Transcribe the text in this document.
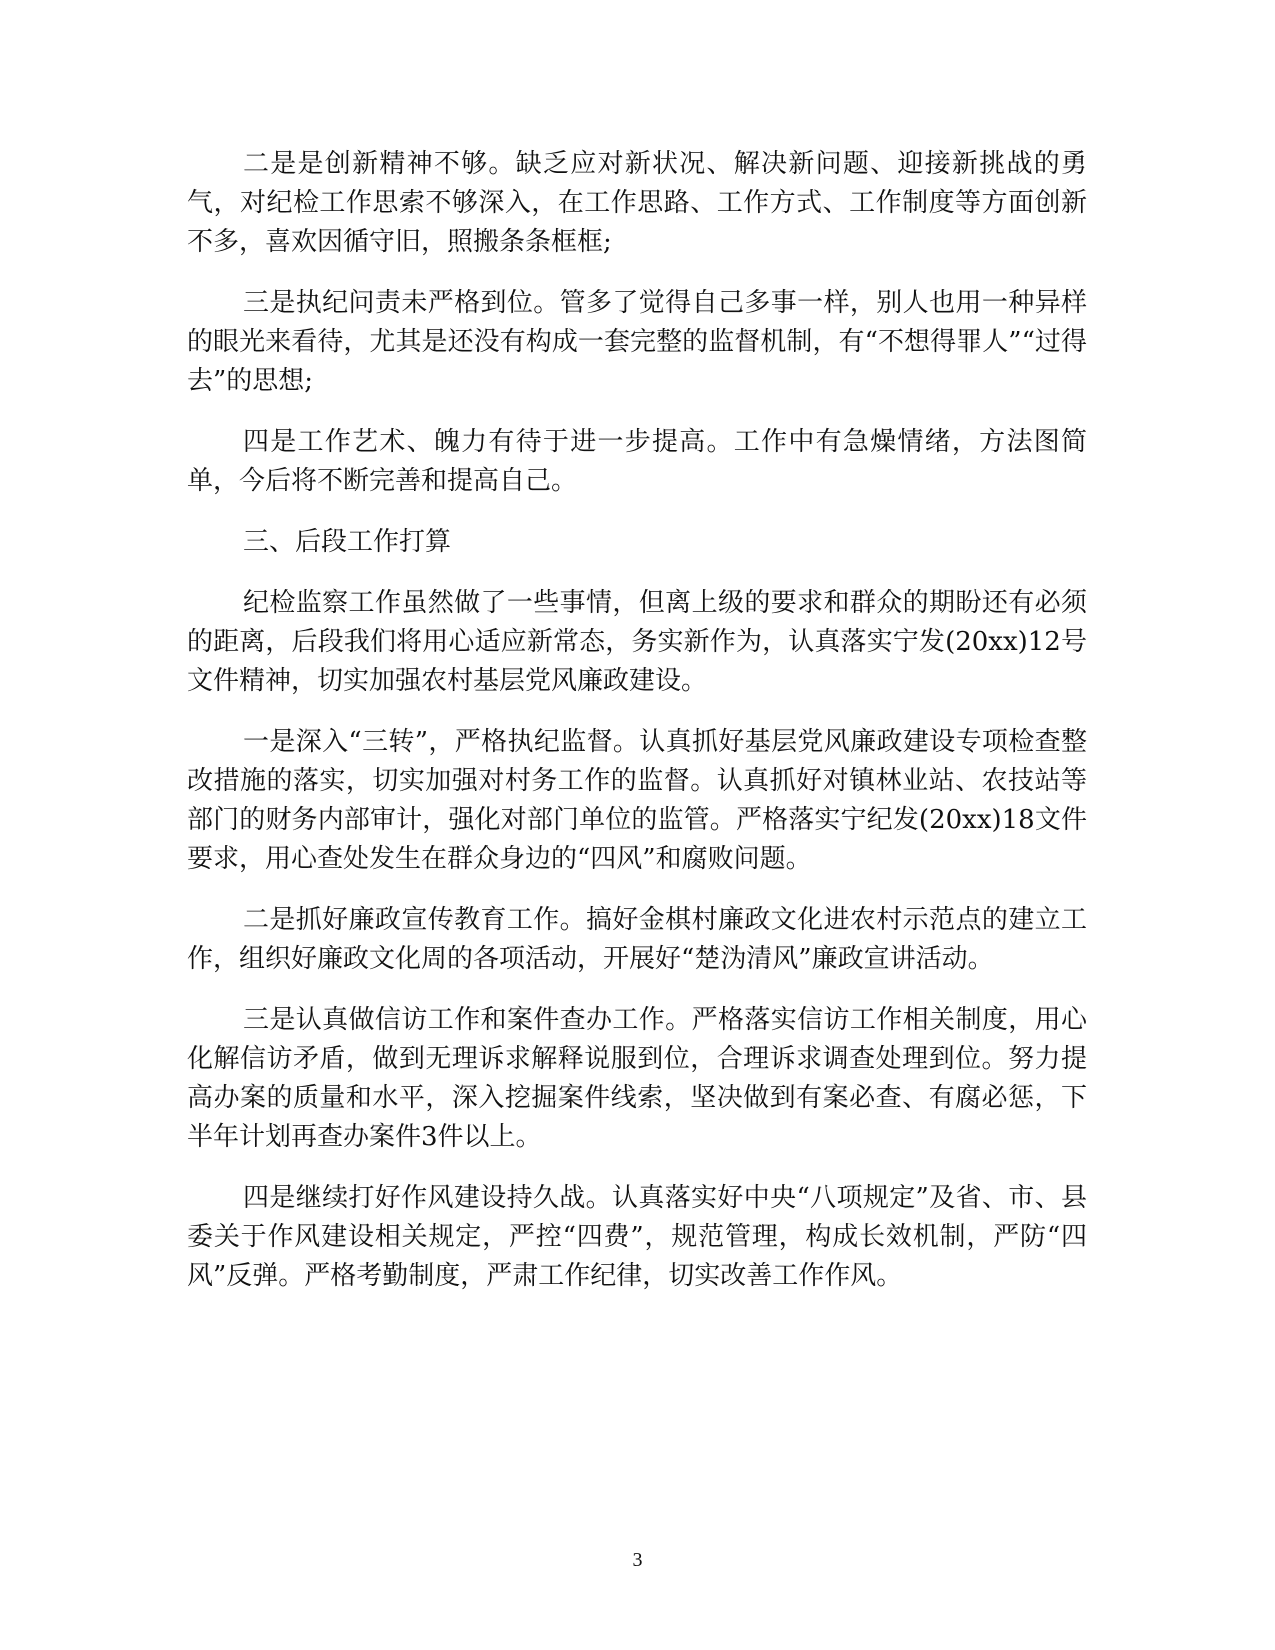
二是是创新精神不够。缺乏应对新状况、解决新问题、迎接新挑战的勇气，对纪检工作思索不够深入，在工作思路、工作方式、工作制度等方面创新不多，喜欢因循守旧，照搬条条框框;

三是执纪问责未严格到位。管多了觉得自己多事一样，别人也用一种异样的眼光来看待，尤其是还没有构成一套完整的监督机制，有“不想得罪人”“过得去”的思想;

四是工作艺术、魄力有待于进一步提高。工作中有急燥情绪，方法图简单，今后将不断完善和提高自己。

三、后段工作打算

纪检监察工作虽然做了一些事情，但离上级的要求和群众的期盼还有必须的距离，后段我们将用心适应新常态，务实新作为，认真落实宁发(20xx)12号文件精神，切实加强农村基层党风廉政建设。

一是深入“三转”，严格执纪监督。认真抓好基层党风廉政建设专项检查整改措施的落实，切实加强对村务工作的监督。认真抓好对镇林业站、农技站等部门的财务内部审计，强化对部门单位的监管。严格落实宁纪发(20xx)18文件要求，用心查处发生在群众身边的“四风”和腐败问题。

二是抓好廉政宣传教育工作。搞好金棋村廉政文化进农村示范点的建立工作，组织好廉政文化周的各项活动，开展好“楚沩清风”廉政宣讲活动。

三是认真做信访工作和案件查办工作。严格落实信访工作相关制度，用心化解信访矛盾，做到无理诉求解释说服到位，合理诉求调查处理到位。努力提高办案的质量和水平，深入挖掘案件线索，坚决做到有案必查、有腐必惩，下半年计划再查办案件3件以上。

四是继续打好作风建设持久战。认真落实好中央“八项规定”及省、市、县委关于作风建设相关规定，严控“四费”，规范管理，构成长效机制，严防“四风”反弹。严格考勤制度，严肃工作纪律，切实改善工作作风。

3
